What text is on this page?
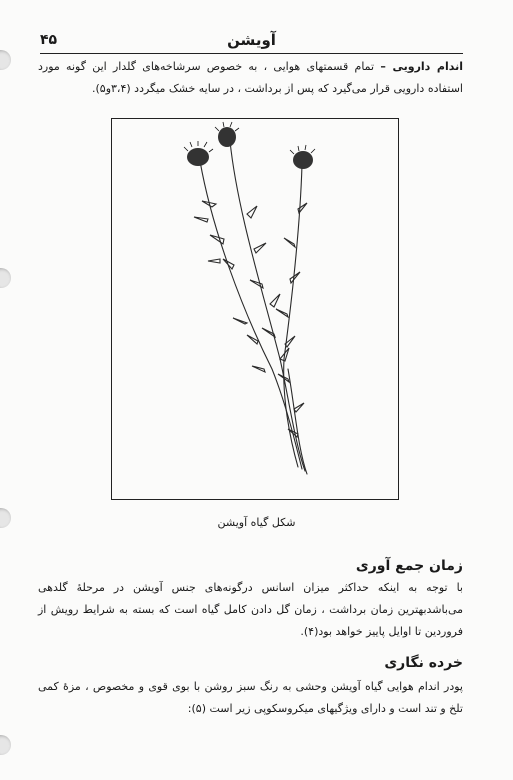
۴۵	آویشن
اندام دارویی – تمام قسمتهای هوایی ، به خصوص سرشاخه‌های گلدار این گونه مورد استفاده دارویی قرار می‌گیرد که پس از برداشت ، در سایه خشک میگردد (۳،۴و۵).
شکل گیاه آویشن
زمان جمع آوری
با توجه به اینکه حداکثر میزان اسانس درگونه‌های جنس آویشن در مرحلهٔ گلدهی می‌باشدبهترین زمان برداشت ، زمان گل دادن کامل گیاه است که بسته به شرایط رویش از فروردین تا اوایل پاییز خواهد بود(۴).
خرده نگاری
پودر اندام هوایی گیاه آویشن وحشی به رنگ سبز روشن با بوی قوی و مخصوص ، مزهٔ کمی تلخ و تند است و دارای ویژگیهای میکروسکوپی زیر است (۵):
